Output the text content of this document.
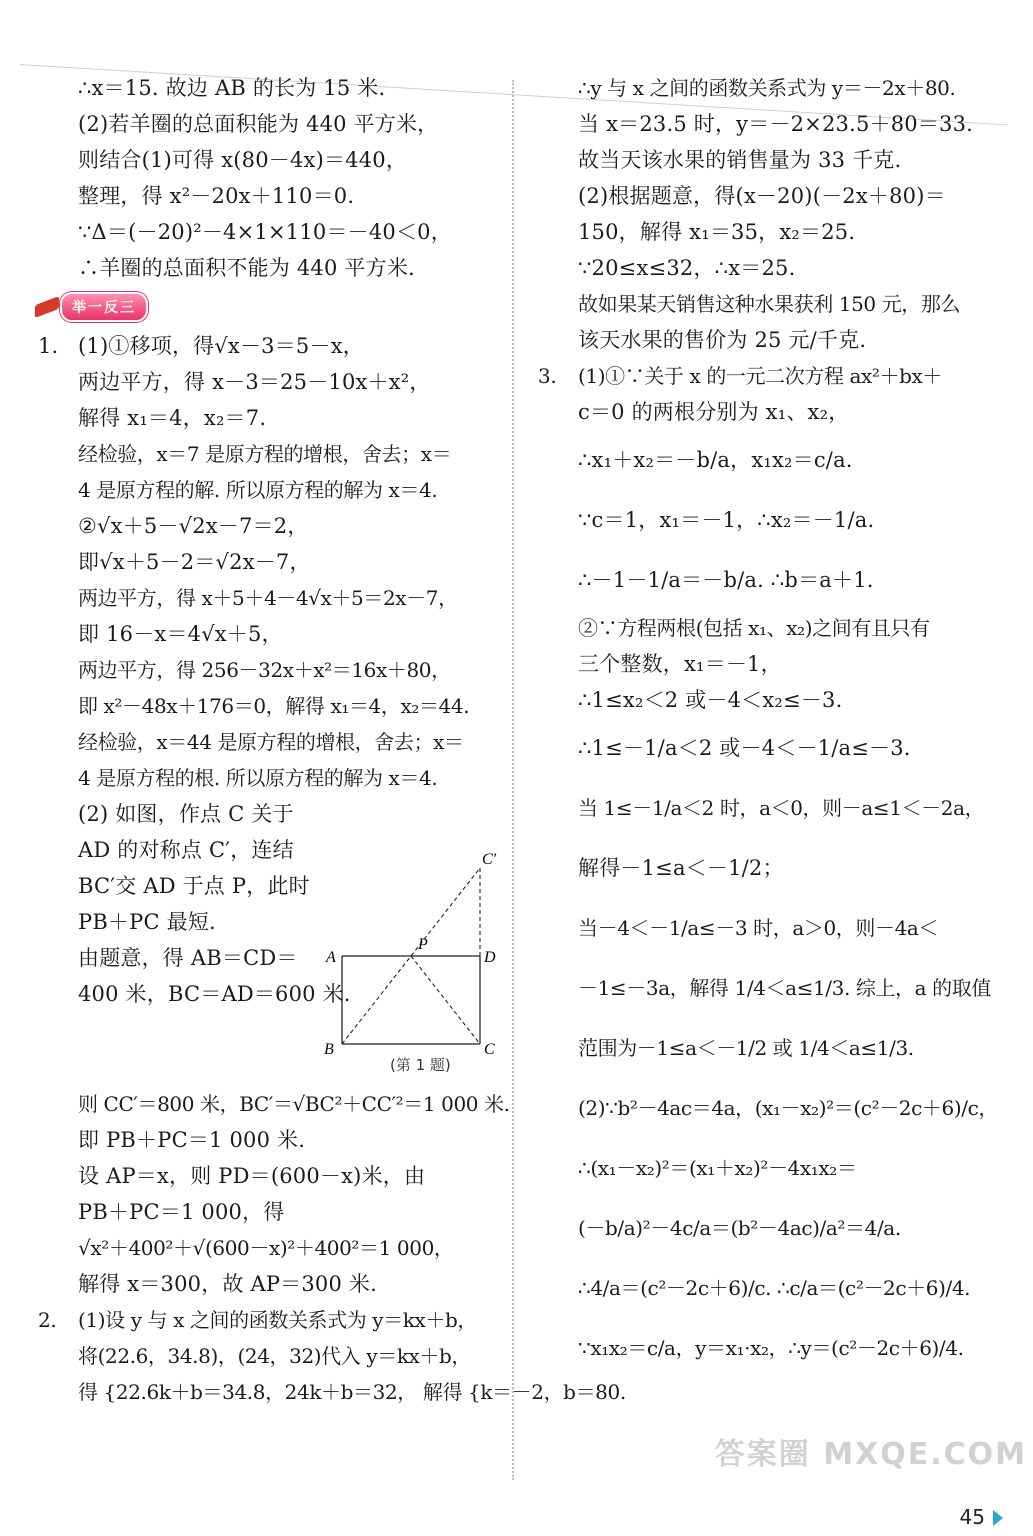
∴x＝15. 故边 AB 的长为 15 米.
(2)若羊圈的总面积能为 440 平方米，
则结合(1)可得 x(80－4x)＝440，
整理，得 x²－20x＋110＝0.
∵Δ＝(－20)²－4×1×110＝－40＜0，
∴羊圈的总面积不能为 440 平方米.
举一反三
1. (1)①移项，得√x－3＝5－x，
两边平方，得 x－3＝25－10x＋x²，
解得 x₁＝4，x₂＝7.
经检验，x＝7 是原方程的增根，舍去；x＝
4 是原方程的解. 所以原方程的解为 x＝4.
②√x＋5－√2x－7＝2，
即√x＋5－2＝√2x－7，
两边平方，得 x＋5＋4－4√x＋5＝2x－7，
即 16－x＝4√x＋5，
两边平方，得 256－32x＋x²＝16x＋80，
即 x²－48x＋176＝0，解得 x₁＝4，x₂＝44.
经检验，x＝44 是原方程的增根，舍去；x＝
4 是原方程的根. 所以原方程的解为 x＝4.
(2) 如图，作点 C 关于
AD 的对称点 C′，连结
BC′交 AD 于点 P，此时
PB＋PC 最短.
由题意，得 AB＝CD＝
400 米，BC＝AD＝600 米.
A
P
D
B	C
C′
(第 1 题)
则 CC′＝800 米，BC′＝√BC²＋CC′²＝1 000 米.
即 PB＋PC＝1 000 米.
设 AP＝x，则 PD＝(600－x)米，由
PB＋PC＝1 000，得
√x²＋400²＋√(600－x)²＋400²＝1 000，
解得 x＝300，故 AP＝300 米.
2. (1)设 y 与 x 之间的函数关系式为 y＝kx＋b，
将(22.6，34.8)，(24，32)代入 y＝kx＋b，
得 {22.6k＋b＝34.8，24k＋b＝32， 解得 {k＝－2，b＝80.
∴y 与 x 之间的函数关系式为 y＝－2x＋80.
当 x＝23.5 时，y＝－2×23.5＋80＝33.
故当天该水果的销售量为 33 千克.
(2)根据题意，得(x－20)(－2x＋80)＝
150，解得 x₁＝35，x₂＝25.
∵20≤x≤32，∴x＝25.
故如果某天销售这种水果获利 150 元，那么
该天水果的售价为 25 元/千克.
3. (1)①∵关于 x 的一元二次方程 ax²＋bx＋
c＝0 的两根分别为 x₁、x₂，
∴x₁＋x₂＝－b/a，x₁x₂＝c/a.
∵c＝1，x₁＝－1，∴x₂＝－1/a.
∴－1－1/a＝－b/a. ∴b＝a＋1.
②∵方程两根(包括 x₁、x₂)之间有且只有
三个整数，x₁＝－1，
∴1≤x₂＜2 或－4＜x₂≤－3.
∴1≤－1/a＜2 或－4＜－1/a≤－3.
当 1≤－1/a＜2 时，a＜0，则－a≤1＜－2a，
解得－1≤a＜－1/2；
当－4＜－1/a≤－3 时，a＞0，则－4a＜
－1≤－3a，解得 1/4＜a≤1/3. 综上，a 的取值
范围为－1≤a＜－1/2 或 1/4＜a≤1/3.
(2)∵b²－4ac＝4a，(x₁－x₂)²＝(c²－2c＋6)/c，
∴(x₁－x₂)²＝(x₁＋x₂)²－4x₁x₂＝
(－b/a)²－4c/a＝(b²－4ac)/a²＝4/a.
∴4/a＝(c²－2c＋6)/c. ∴c/a＝(c²－2c＋6)/4.
∵x₁x₂＝c/a，y＝x₁·x₂，∴y＝(c²－2c＋6)/4.
答案圈 MXQE.COM
45
